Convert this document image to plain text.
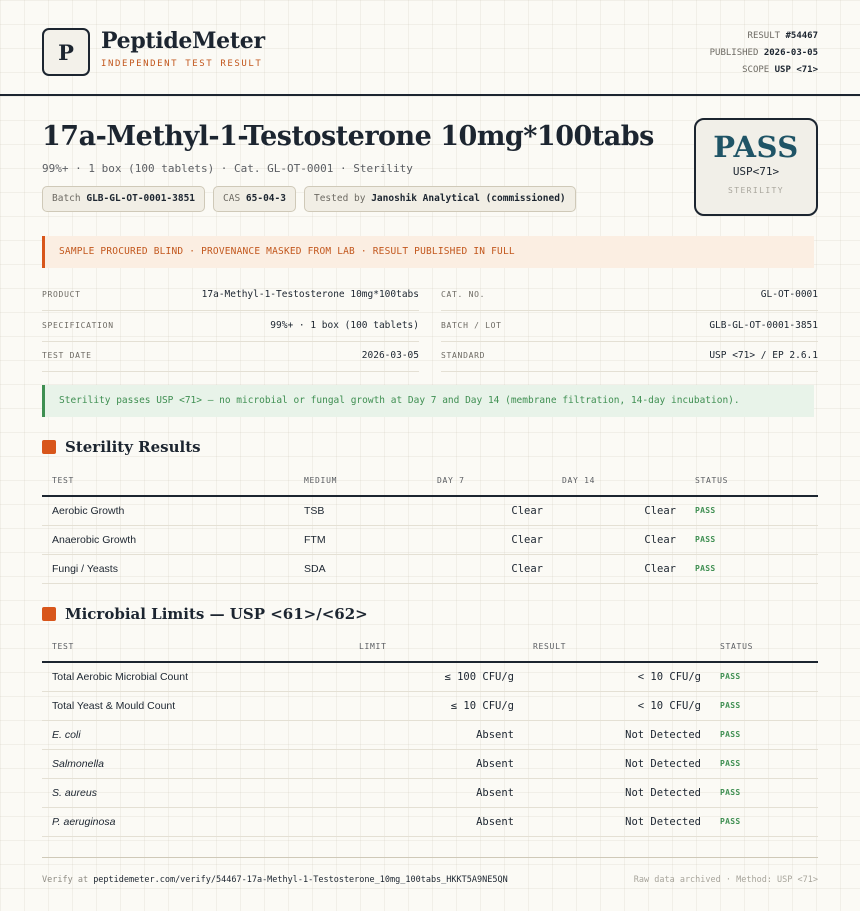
P	PeptideMeter
INDEPENDENT TEST RESULT
RESULT #54467
PUBLISHED 2026-03-05
SCOPE USP <71>
17a-Methyl-1-Testosterone 10mg*100tabs
99%+ · 1 box (100 tablets) · Cat. GL-OT-0001 · Sterility
Batch GLB-GL-OT-0001-3851	CAS 65-04-3	Tested by Janoshik Analytical (commissioned)
PASS
USP<71>
STERILITY
SAMPLE PROCURED BLIND · PROVENANCE MASKED FROM LAB · RESULT PUBLISHED IN FULL
PRODUCT	17a-Methyl-1-Testosterone 10mg*100tabs
SPECIFICATION	99%+ · 1 box (100 tablets)
TEST DATE	2026-03-05
CAT. NO.	GL-OT-0001
BATCH / LOT	GLB-GL-OT-0001-3851
STANDARD	USP <71> / EP 2.6.1
Sterility passes USP <71> — no microbial or fungal growth at Day 7 and Day 14 (membrane filtration, 14-day incubation).
Sterility Results
TEST	MEDIUM	DAY 7	DAY 14	STATUS
Aerobic Growth	TSB	Clear	Clear PASS
Anaerobic Growth	FTM	Clear	Clear PASS
Fungi / Yeasts	SDA	Clear	Clear PASS
Microbial Limits — USP <61>/<62>
TEST	LIMIT	RESULT	STATUS
Total Aerobic Microbial Count	≤ 100 CFU/g	< 10 CFU/g PASS
Total Yeast & Mould Count	≤ 10 CFU/g	< 10 CFU/g PASS
E. coli	Absent	Not Detected PASS
Salmonella	Absent	Not Detected PASS
S. aureus	Absent	Not Detected PASS
P. aeruginosa	Absent	Not Detected PASS
Verify at peptidemeter.com/verify/54467-17a-Methyl-1-Testosterone_10mg_100tabs_HKKT5A9NE5QN	Raw data archived · Method: USP <71>
